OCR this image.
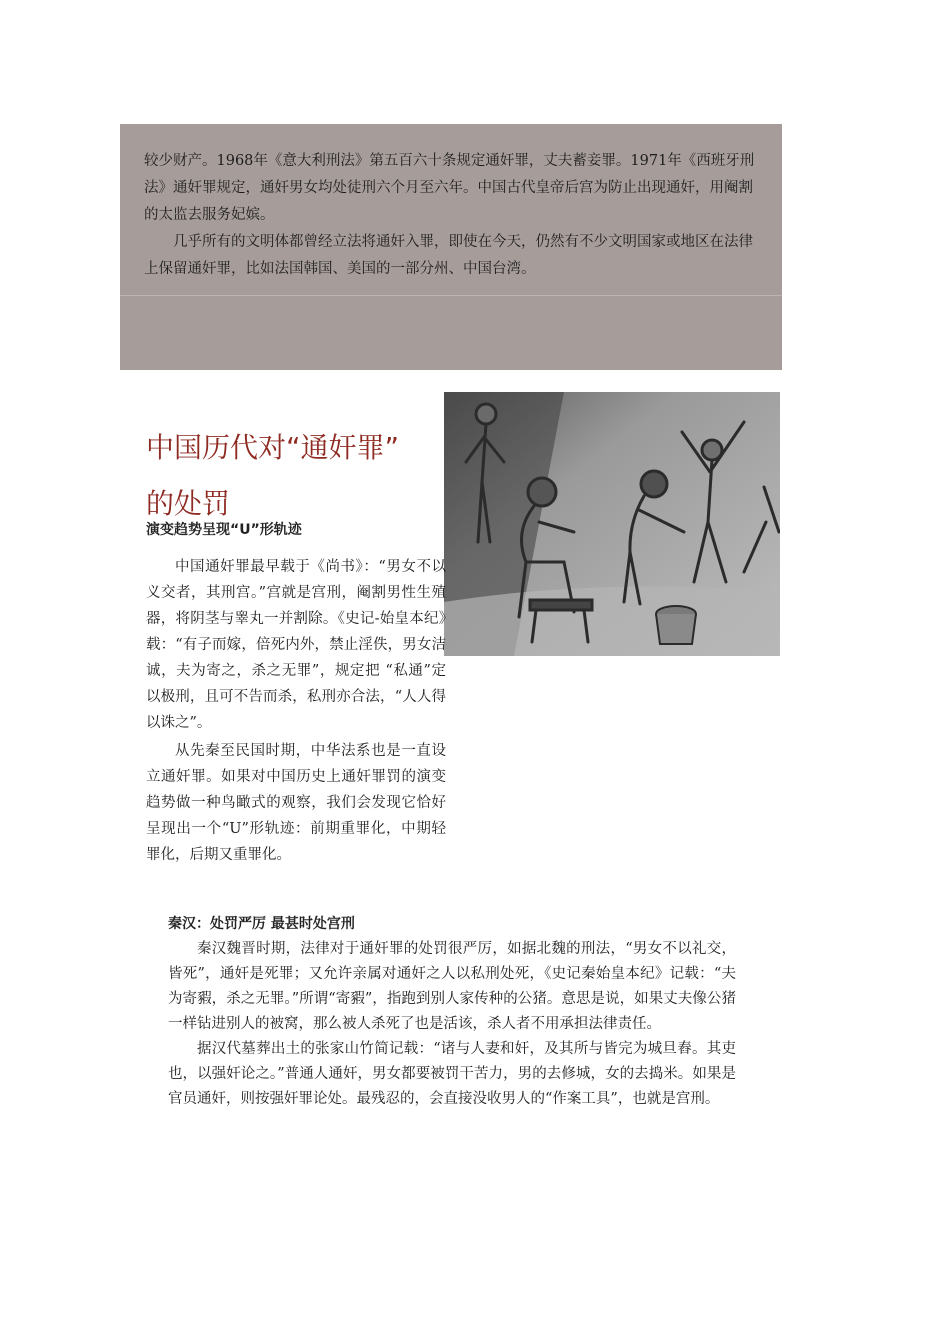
较少财产。1968年《意大利刑法》第五百六十条规定通奸罪，丈夫蓄妾罪。1971年《西班牙刑法》通奸罪规定，通奸男女均处徒刑六个月至六年。中国古代皇帝后宫为防止出现通奸，用阉割的太监去服务妃嫔。

几乎所有的文明体都曾经立法将通奸入罪，即使在今天，仍然有不少文明国家或地区在法律上保留通奸罪，比如法国韩国、美国的一部分州、中国台湾。

中国历代对“通奸罪”
的处罚
演变趋势呈现“U”形轨迹

中国通奸罪最早载于《尚书》：“男女不以义交者，其刑宫。”宫就是宫刑，阉割男性生殖器，将阴茎与睾丸一并割除。《史记-始皇本纪》载：“有子而嫁，倍死内外，禁止淫佚，男女洁诚，夫为寄之，杀之无罪”，规定把 “私通”定以极刑，且可不告而杀，私刑亦合法，“人人得以诛之”。

从先秦至民国时期，中华法系也是一直设立通奸罪。如果对中国历史上通奸罪罚的演变趋势做一种鸟瞰式的观察，我们会发现它恰好呈现出一个“U”形轨迹：前期重罪化，中期轻罪化，后期又重罪化。

秦汉：处罚严厉 最甚时处宫刑

秦汉魏晋时期，法律对于通奸罪的处罚很严厉，如据北魏的刑法，“男女不以礼交，皆死”，通奸是死罪；又允许亲属对通奸之人以私刑处死，《史记秦始皇本纪》记载：“夫为寄豭，杀之无罪。”所谓“寄豭”，指跑到别人家传种的公猪。意思是说，如果丈夫像公猪一样钻进别人的被窝，那么被人杀死了也是活该，杀人者不用承担法律责任。

据汉代墓葬出土的张家山竹简记载：“诸与人妻和奸，及其所与皆完为城旦舂。其吏也，以强奸论之。”普通人通奸，男女都要被罚干苦力，男的去修城，女的去捣米。如果是官员通奸，则按强奸罪论处。最残忍的，会直接没收男人的“作案工具”，也就是宫刑。
